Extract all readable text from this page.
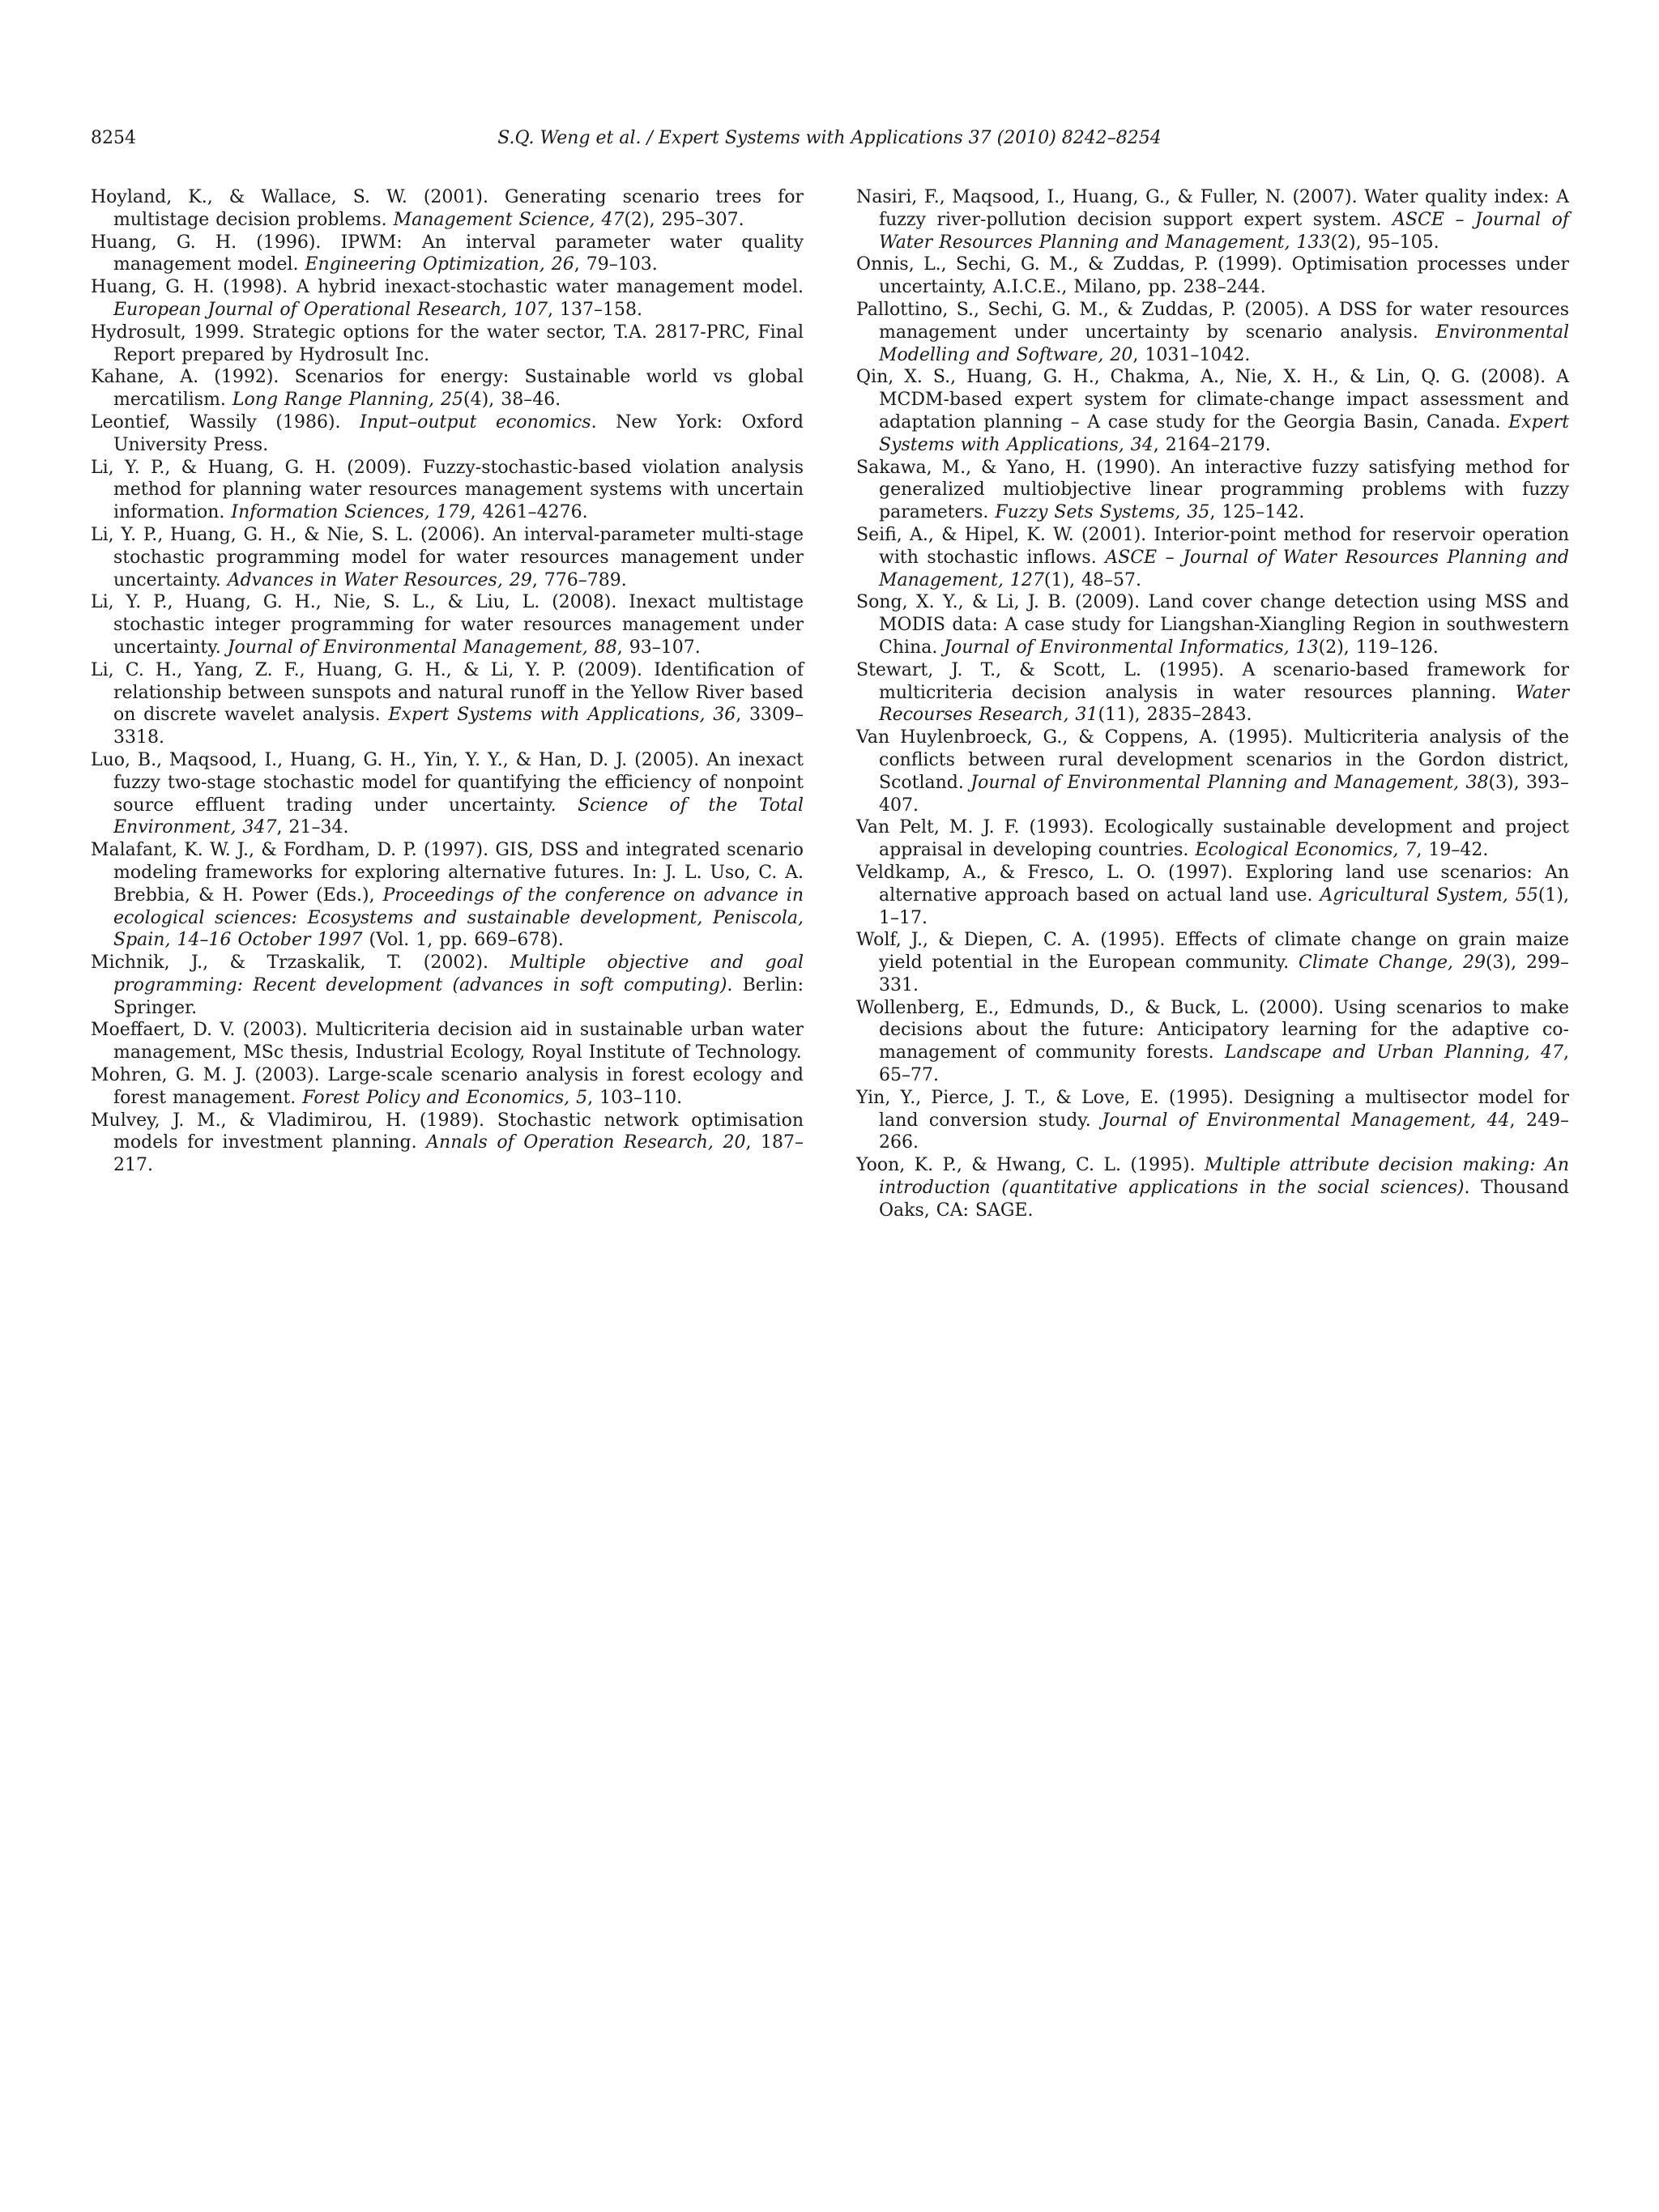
8254	S.Q. Weng et al. / Expert Systems with Applications 37 (2010) 8242–8254

Hoyland, K., & Wallace, S. W. (2001). Generating scenario trees for multistage decision problems. Management Science, 47(2), 295–307.

Huang, G. H. (1996). IPWM: An interval parameter water quality management model. Engineering Optimization, 26, 79–103.

Huang, G. H. (1998). A hybrid inexact-stochastic water management model. European Journal of Operational Research, 107, 137–158.

Hydrosult, 1999. Strategic options for the water sector, T.A. 2817-PRC, Final Report prepared by Hydrosult Inc.

Kahane, A. (1992). Scenarios for energy: Sustainable world vs global mercatilism. Long Range Planning, 25(4), 38–46.

Leontief, Wassily (1986). Input–output economics. New York: Oxford University Press.

Li, Y. P., & Huang, G. H. (2009). Fuzzy-stochastic-based violation analysis method for planning water resources management systems with uncertain information. Information Sciences, 179, 4261–4276.

Li, Y. P., Huang, G. H., & Nie, S. L. (2006). An interval-parameter multi-stage stochastic programming model for water resources management under uncertainty. Advances in Water Resources, 29, 776–789.

Li, Y. P., Huang, G. H., Nie, S. L., & Liu, L. (2008). Inexact multistage stochastic integer programming for water resources management under uncertainty. Journal of Environmental Management, 88, 93–107.

Li, C. H., Yang, Z. F., Huang, G. H., & Li, Y. P. (2009). Identification of relationship between sunspots and natural runoff in the Yellow River based on discrete wavelet analysis. Expert Systems with Applications, 36, 3309–3318.

Luo, B., Maqsood, I., Huang, G. H., Yin, Y. Y., & Han, D. J. (2005). An inexact fuzzy two-stage stochastic model for quantifying the efficiency of nonpoint source effluent trading under uncertainty. Science of the Total Environment, 347, 21–34.

Malafant, K. W. J., & Fordham, D. P. (1997). GIS, DSS and integrated scenario modeling frameworks for exploring alternative futures. In: J. L. Uso, C. A. Brebbia, & H. Power (Eds.), Proceedings of the conference on advance in ecological sciences: Ecosystems and sustainable development, Peniscola, Spain, 14–16 October 1997 (Vol. 1, pp. 669–678).

Michnik, J., & Trzaskalik, T. (2002). Multiple objective and goal programming: Recent development (advances in soft computing). Berlin: Springer.

Moeffaert, D. V. (2003). Multicriteria decision aid in sustainable urban water management, MSc thesis, Industrial Ecology, Royal Institute of Technology.

Mohren, G. M. J. (2003). Large-scale scenario analysis in forest ecology and forest management. Forest Policy and Economics, 5, 103–110.

Mulvey, J. M., & Vladimirou, H. (1989). Stochastic network optimisation models for investment planning. Annals of Operation Research, 20, 187–217.

Nasiri, F., Maqsood, I., Huang, G., & Fuller, N. (2007). Water quality index: A fuzzy river-pollution decision support expert system. ASCE – Journal of Water Resources Planning and Management, 133(2), 95–105.

Onnis, L., Sechi, G. M., & Zuddas, P. (1999). Optimisation processes under uncertainty, A.I.C.E., Milano, pp. 238–244.

Pallottino, S., Sechi, G. M., & Zuddas, P. (2005). A DSS for water resources management under uncertainty by scenario analysis. Environmental Modelling and Software, 20, 1031–1042.

Qin, X. S., Huang, G. H., Chakma, A., Nie, X. H., & Lin, Q. G. (2008). A MCDM-based expert system for climate-change impact assessment and adaptation planning – A case study for the Georgia Basin, Canada. Expert Systems with Applications, 34, 2164–2179.

Sakawa, M., & Yano, H. (1990). An interactive fuzzy satisfying method for generalized multiobjective linear programming problems with fuzzy parameters. Fuzzy Sets Systems, 35, 125–142.

Seifi, A., & Hipel, K. W. (2001). Interior-point method for reservoir operation with stochastic inflows. ASCE – Journal of Water Resources Planning and Management, 127(1), 48–57.

Song, X. Y., & Li, J. B. (2009). Land cover change detection using MSS and MODIS data: A case study for Liangshan-Xiangling Region in southwestern China. Journal of Environmental Informatics, 13(2), 119–126.

Stewart, J. T., & Scott, L. (1995). A scenario-based framework for multicriteria decision analysis in water resources planning. Water Recourses Research, 31(11), 2835–2843.

Van Huylenbroeck, G., & Coppens, A. (1995). Multicriteria analysis of the conflicts between rural development scenarios in the Gordon district, Scotland. Journal of Environmental Planning and Management, 38(3), 393–407.

Van Pelt, M. J. F. (1993). Ecologically sustainable development and project appraisal in developing countries. Ecological Economics, 7, 19–42.

Veldkamp, A., & Fresco, L. O. (1997). Exploring land use scenarios: An alternative approach based on actual land use. Agricultural System, 55(1), 1–17.

Wolf, J., & Diepen, C. A. (1995). Effects of climate change on grain maize yield potential in the European community. Climate Change, 29(3), 299–331.

Wollenberg, E., Edmunds, D., & Buck, L. (2000). Using scenarios to make decisions about the future: Anticipatory learning for the adaptive co-management of community forests. Landscape and Urban Planning, 47, 65–77.

Yin, Y., Pierce, J. T., & Love, E. (1995). Designing a multisector model for land conversion study. Journal of Environmental Management, 44, 249–266.

Yoon, K. P., & Hwang, C. L. (1995). Multiple attribute decision making: An introduction (quantitative applications in the social sciences). Thousand Oaks, CA: SAGE.
